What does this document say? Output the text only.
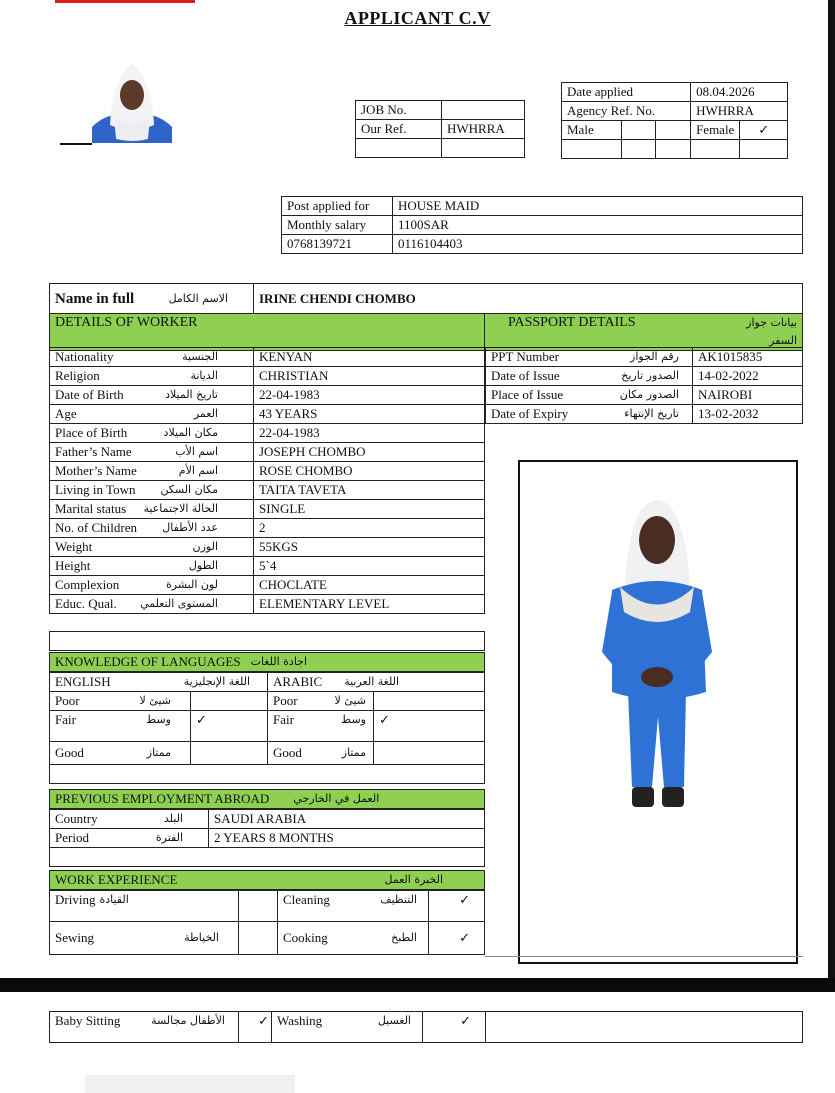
APPLICANT C.V
JOB No.	
Our Ref.	HWHRRA

Date applied			08.04.2026	
Agency Ref. No.			HWHRRA	
Male			Female	✓

Post applied for	HOUSE MAID
Monthly salary	1100SAR
0768139721	0116104403
Name in full	الاسم الكامل	IRINE CHENDI CHOMBO
DETAILS OF WORKER	PASSPORT DETAILS	بيانات جواز السفر
Nationality الجنسية	KENYAN

Religion الديانة	CHRISTIAN

Date of Birth تاريخ الميلاد	22-04-1983

Age العمر	43 YEARS

Place of Birth مكان الميلاد	22-04-1983

Father’s Name اسم الأب	JOSEPH CHOMBO

Mother’s Name اسم الأم	ROSE CHOMBO

Living in Town مكان السكن	TAITA TAVETA

Marital status الحالة الاجتماعية	SINGLE

No. of Children عدد الأطفال	2

Weight الوزن	55KGS

Height الطول	5`4

Complexion لون البشرة	CHOCLATE

Educ. Qual. المستوى التعلمي	ELEMENTARY LEVEL
PPT Number رقم الجواز	AK1015835

Date of Issue الصدور تاريخ	14-02-2022

Place of Issue الصدور مكان	NAIROBI

Date of Expiry تاريخ الإنتهاء	13-02-2032
KNOWLEDGE OF LANGUAGES اجادة اللغات
ENGLISH اللغة الإنجليزية		ARABIC اللغة العربية	

Poor شيئ لا		Poor شيئ لا	

Fair وسط	✓	Fair وسط	✓

Good ممتاز		Good ممتاز	

PREVIOUS EMPLOYMENT ABROAD العمل في الخارجي
Country البلد	SAUDI ARABIA

Period الفترة	2 YEARS 8 MONTHS

WORK EXPERIENCE	الخبرة العمل
Driving القيادة		Cleaning التنظيف	✓

Sewing الخياطة		Cooking الطبخ	✓
Baby Sitting	الأطفال مجالسة	✓	Washing	الغسيل	✓	
